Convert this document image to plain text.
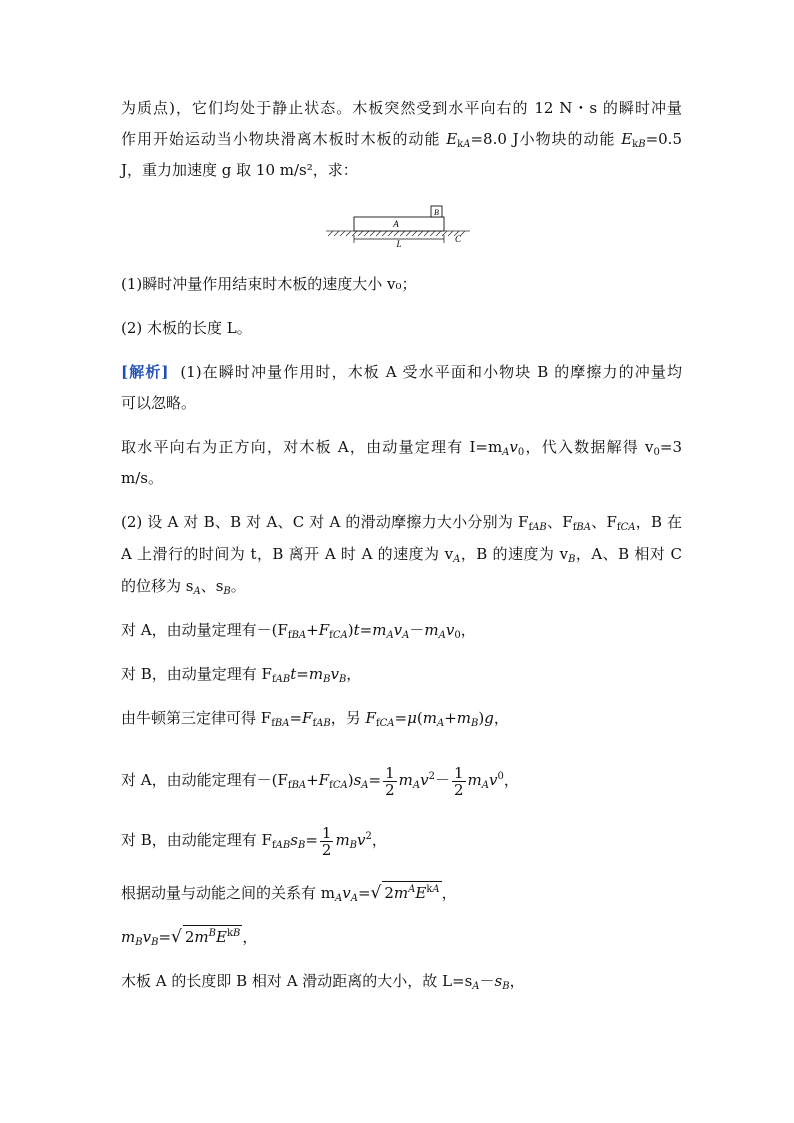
为质点)，它们均处于静止状态。木板突然受到水平向右的 12 N・s 的瞬时冲量
作用开始运动当小物块滑离木板时木板的动能 $E_{kA}=8.0$ J小物块的动能 $E_{kB}=0.5$
J，重力加速度 g 取 10 m/s²，求：
A
B
L	C
(1)瞬时冲量作用结束时木板的速度大小 v₀；
(2) 木板的长度 L。
[解析] (1)在瞬时冲量作用时，木板 A 受水平面和小物块 B 的摩擦力的冲量均
可以忽略。
取水平向右为正方向，对木板 A，由动量定理有 $I=m_Av_0$，代入数据解得 $v_0=3$
m/s。
(2) 设 A 对 B、B 对 A、C 对 A 的滑动摩擦力大小分别为 $F_{fAB}$、$F_{fBA}$、$F_{fCA}$，B 在
A 上滑行的时间为 t，B 离开 A 时 A 的速度为 $v_A$，B 的速度为 $v_B$，A、B 相对 C
的位移为 $s_A$、$s_B$。
对 A，由动量定理有$-(F_{fBA}+F_{fCA})t=m_Av_A-m_Av_0$，
对 B，由动量定理有 $F_{fAB}t=m_Bv_B$，
由牛顿第三定律可得 $F_{fBA}=F_{fAB}$，另 $F_{fCA}=\mu(m_A+m_B)g$，
对 A，由动能定理有$-(F_{fBA}+F_{fCA})s_A= \frac{1}{2} m_Av^2- \frac{1}{2} m_Av^0$，
对 B，由动能定理有 $F_{fAB}s_B= \frac{1}{2} m_Bv^2$，
根据动量与动能之间的关系有 $m_Av_A=√$ $2m^AE^{kA}$ ，
$m_Bv_B=√$ $2m^BE^{kB}$ ，
木板 A 的长度即 B 相对 A 滑动距离的大小，故 $L=s_A-s_B$，
